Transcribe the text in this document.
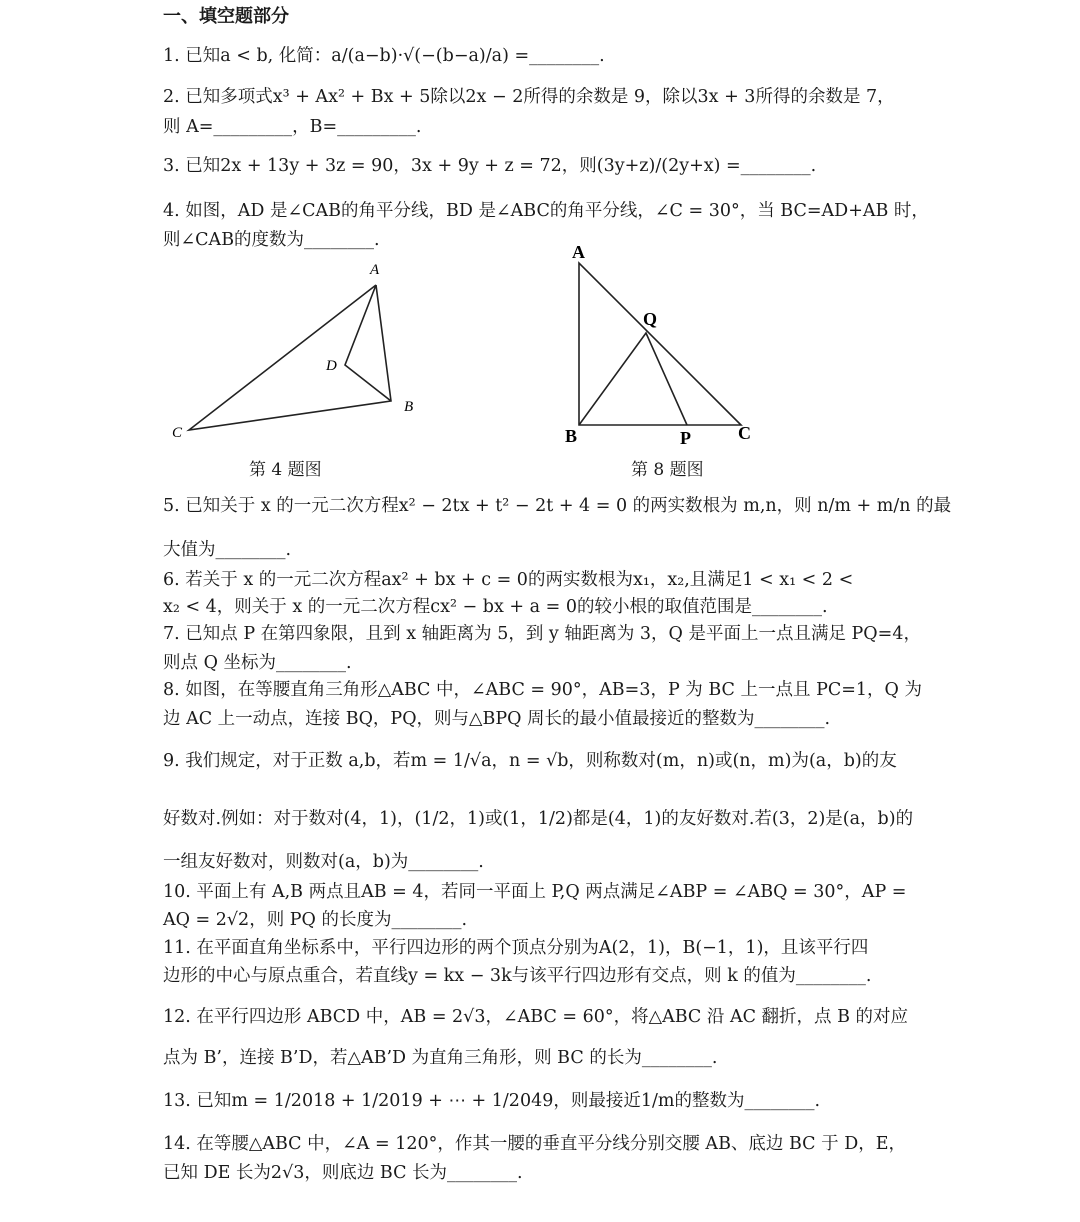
一、填空题部分
1. 已知a < b, 化简：a/(a−b)·√(−(b−a)/a) =________.
2. 已知多项式x³ + Ax² + Bx + 5除以2x − 2所得的余数是 9，除以3x + 3所得的余数是 7，
则 A=_________，B=_________.
3. 已知2x + 13y + 3z = 90，3x + 9y + z = 72，则(3y+z)/(2y+x) =________.
4. 如图，AD 是∠CAB的角平分线，BD 是∠ABC的角平分线，∠C = 30°，当 BC=AD+AB 时，
则∠CAB的度数为________.
A
C
B
D
第 4 题图
A
Q
B	P	C
第 8 题图
5. 已知关于 x 的一元二次方程x² − 2tx + t² − 2t + 4 = 0 的两实数根为 m,n，则 n/m + m/n 的最
大值为________.
6. 若关于 x 的一元二次方程ax² + bx + c = 0的两实数根为x₁，x₂,且满足1 < x₁ < 2 <
x₂ < 4，则关于 x 的一元二次方程cx² − bx + a = 0的较小根的取值范围是________.
7. 已知点 P 在第四象限，且到 x 轴距离为 5，到 y 轴距离为 3，Q 是平面上一点且满足 PQ=4，
则点 Q 坐标为________.
8. 如图，在等腰直角三角形△ABC 中，∠ABC = 90°，AB=3，P 为 BC 上一点且 PC=1，Q 为
边 AC 上一动点，连接 BQ，PQ，则与△BPQ 周长的最小值最接近的整数为________.
9. 我们规定，对于正数 a,b，若m = 1/√a，n = √b，则称数对(m，n)或(n，m)为(a，b)的友
好数对.例如：对于数对(4，1)，(1/2，1)或(1，1/2)都是(4，1)的友好数对.若(3，2)是(a，b)的
一组友好数对，则数对(a，b)为________.
10. 平面上有 A,B 两点且AB = 4，若同一平面上 P,Q 两点满足∠ABP = ∠ABQ = 30°，AP =
AQ = 2√2，则 PQ 的长度为________.
11. 在平面直角坐标系中，平行四边形的两个顶点分别为A(2，1)，B(−1，1)，且该平行四
边形的中心与原点重合，若直线y = kx − 3k与该平行四边形有交点，则 k 的值为________.
12. 在平行四边形 ABCD 中，AB = 2√3，∠ABC = 60°，将△ABC 沿 AC 翻折，点 B 的对应
点为 B’，连接 B’D，若△AB’D 为直角三角形，则 BC 的长为________.
13. 已知m = 1/2018 + 1/2019 + ⋯ + 1/2049，则最接近1/m的整数为________.
14. 在等腰△ABC 中，∠A = 120°，作其一腰的垂直平分线分别交腰 AB、底边 BC 于 D，E，
已知 DE 长为2√3，则底边 BC 长为________.
